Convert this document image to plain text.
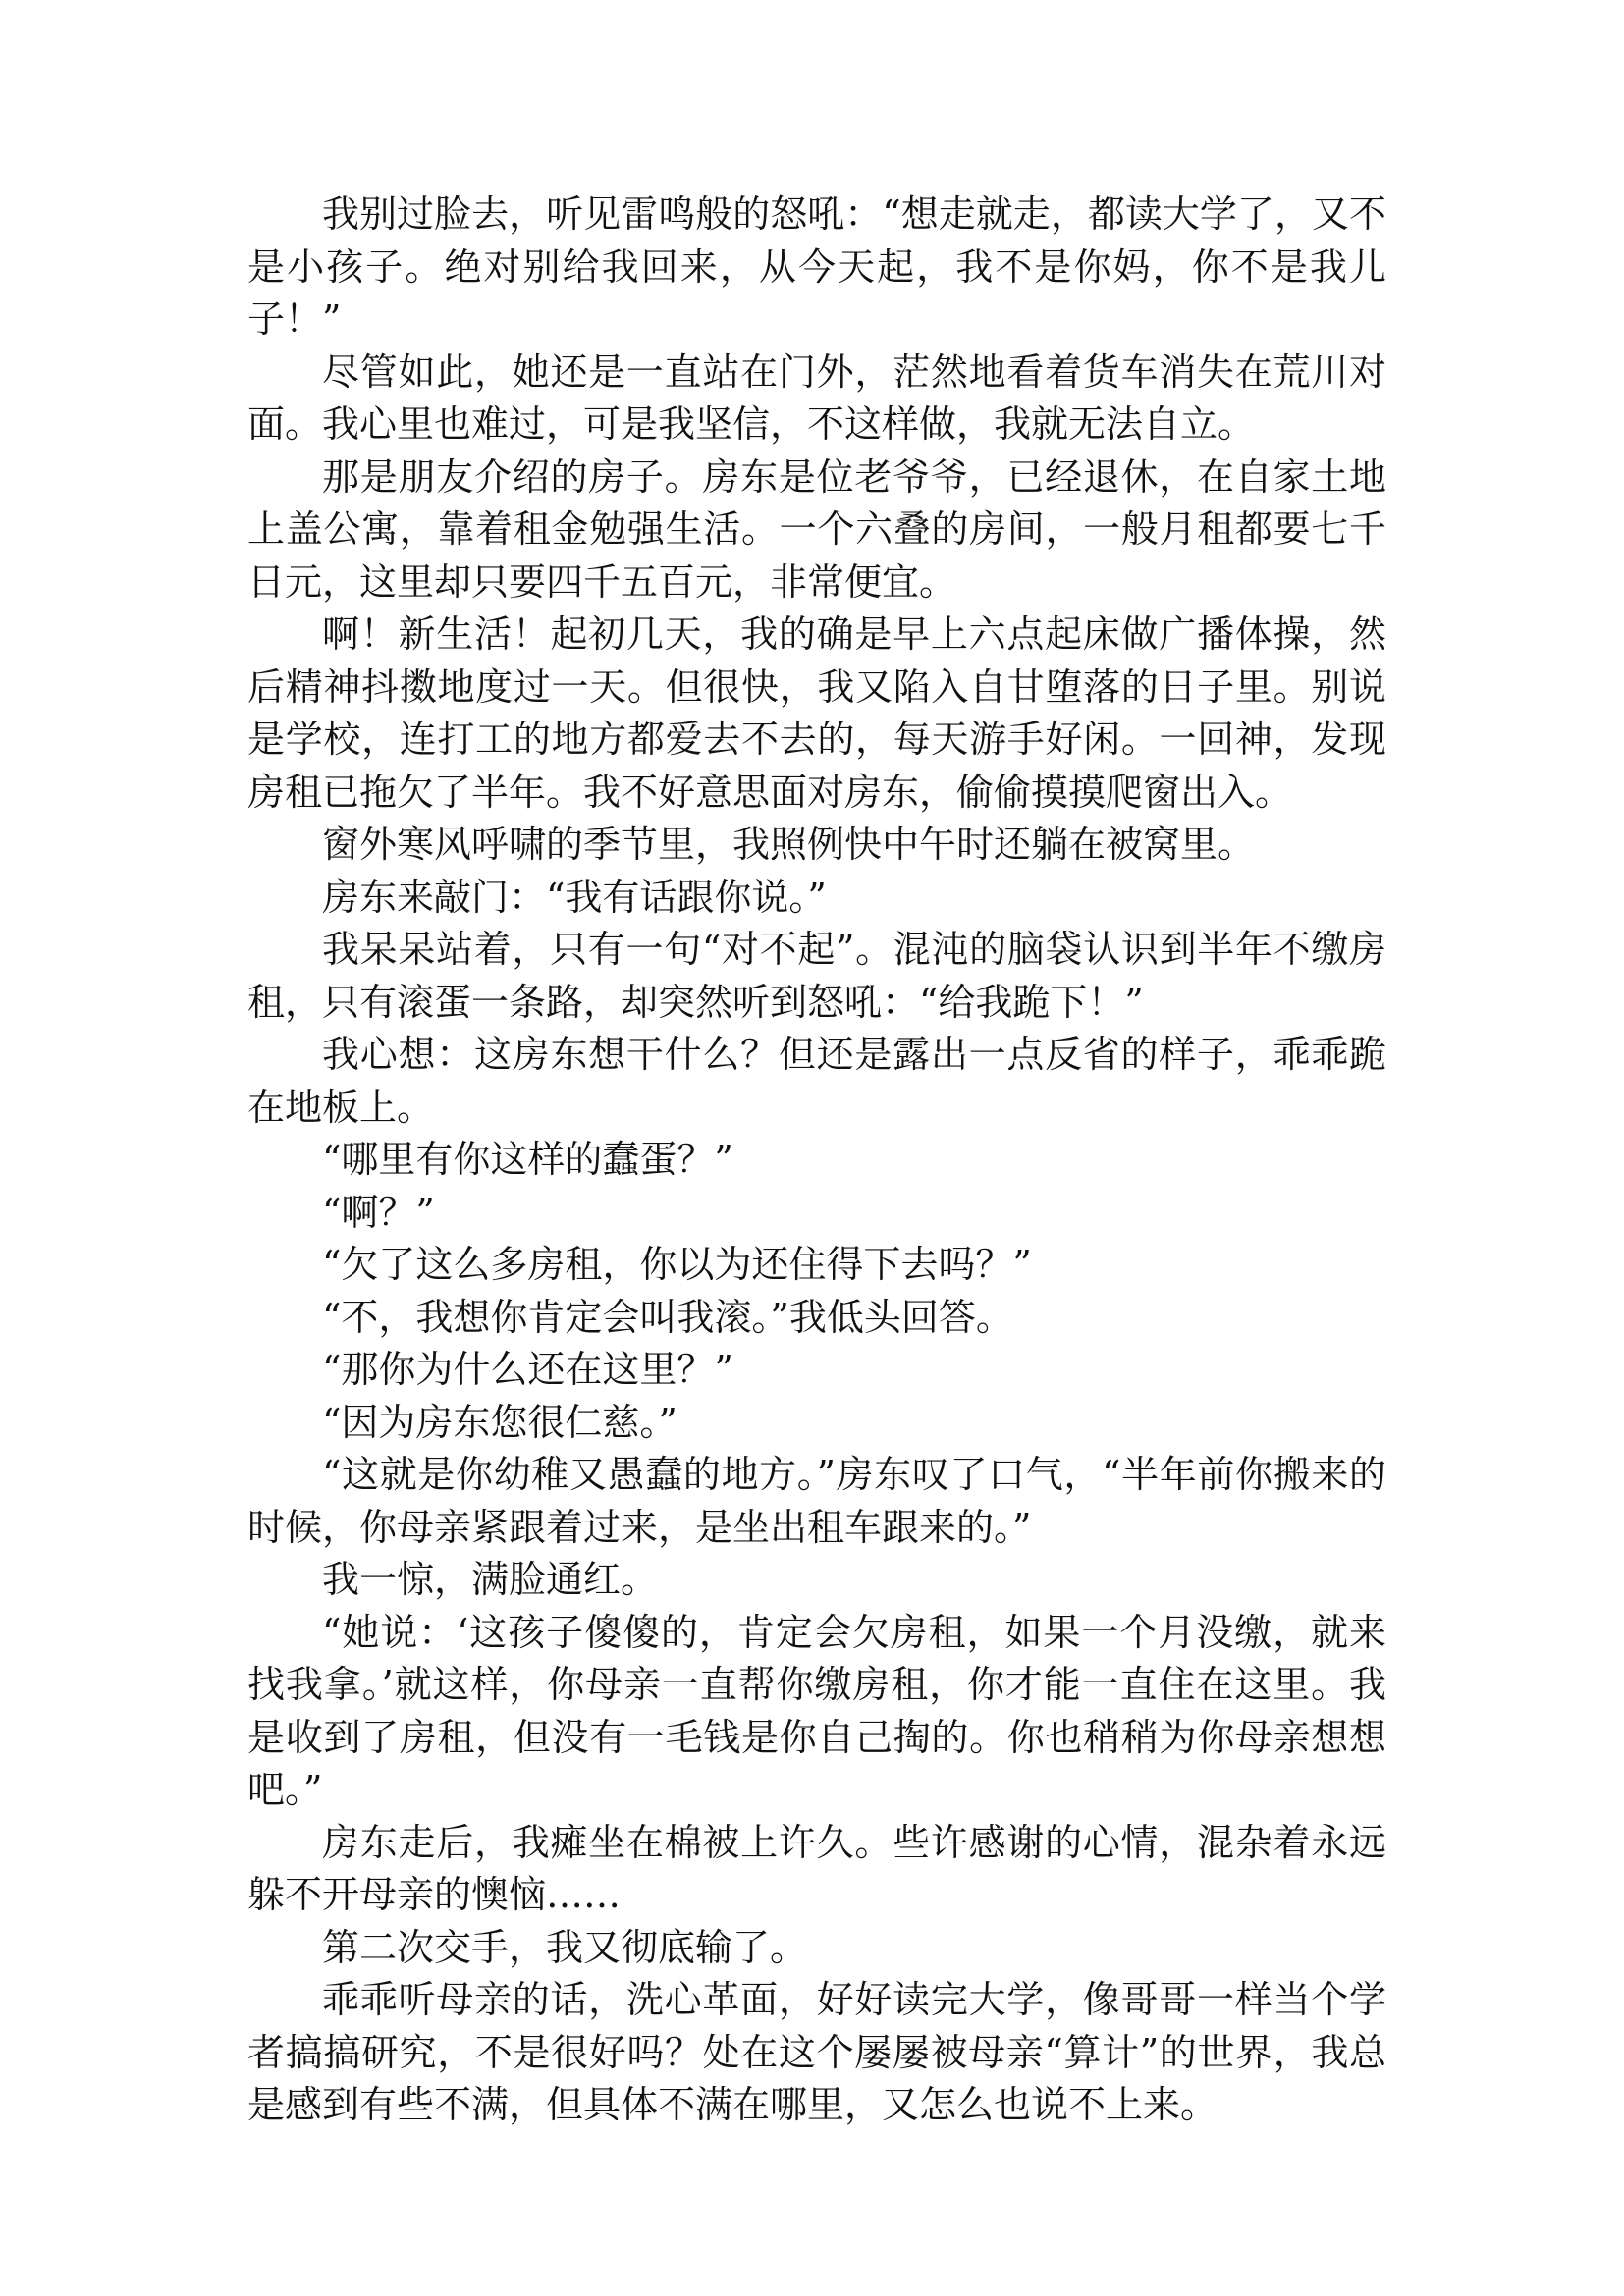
我别过脸去，听见雷鸣般的怒吼：“想走就走，都读大学了，又不是小孩子。绝对别给我回来，从今天起，我不是你妈，你不是我儿子！”

尽管如此，她还是一直站在门外，茫然地看着货车消失在荒川对面。我心里也难过，可是我坚信，不这样做，我就无法自立。

那是朋友介绍的房子。房东是位老爷爷，已经退休，在自家土地上盖公寓，靠着租金勉强生活。一个六叠的房间，一般月租都要七千日元，这里却只要四千五百元，非常便宜。

啊！新生活！起初几天，我的确是早上六点起床做广播体操，然后精神抖擞地度过一天。但很快，我又陷入自甘堕落的日子里。别说是学校，连打工的地方都爱去不去的，每天游手好闲。一回神，发现房租已拖欠了半年。我不好意思面对房东，偷偷摸摸爬窗出入。

窗外寒风呼啸的季节里，我照例快中午时还躺在被窝里。

房东来敲门：“我有话跟你说。”

我呆呆站着，只有一句“对不起”。混沌的脑袋认识到半年不缴房租，只有滚蛋一条路，却突然听到怒吼：“给我跪下！”

我心想：这房东想干什么？但还是露出一点反省的样子，乖乖跪在地板上。

“哪里有你这样的蠢蛋？”

“啊？”

“欠了这么多房租，你以为还住得下去吗？”

“不，我想你肯定会叫我滚。”我低头回答。

“那你为什么还在这里？”

“因为房东您很仁慈。”

“这就是你幼稚又愚蠢的地方。”房东叹了口气，“半年前你搬来的时候，你母亲紧跟着过来，是坐出租车跟来的。”

我一惊，满脸通红。

“她说：‘这孩子傻傻的，肯定会欠房租，如果一个月没缴，就来找我拿。’就这样，你母亲一直帮你缴房租，你才能一直住在这里。我是收到了房租，但没有一毛钱是你自己掏的。你也稍稍为你母亲想想吧。”

房东走后，我瘫坐在棉被上许久。些许感谢的心情，混杂着永远躲不开母亲的懊恼……

第二次交手，我又彻底输了。

乖乖听母亲的话，洗心革面，好好读完大学，像哥哥一样当个学者搞搞研究，不是很好吗？处在这个屡屡被母亲“算计”的世界，我总是感到有些不满，但具体不满在哪里，又怎么也说不上来。
